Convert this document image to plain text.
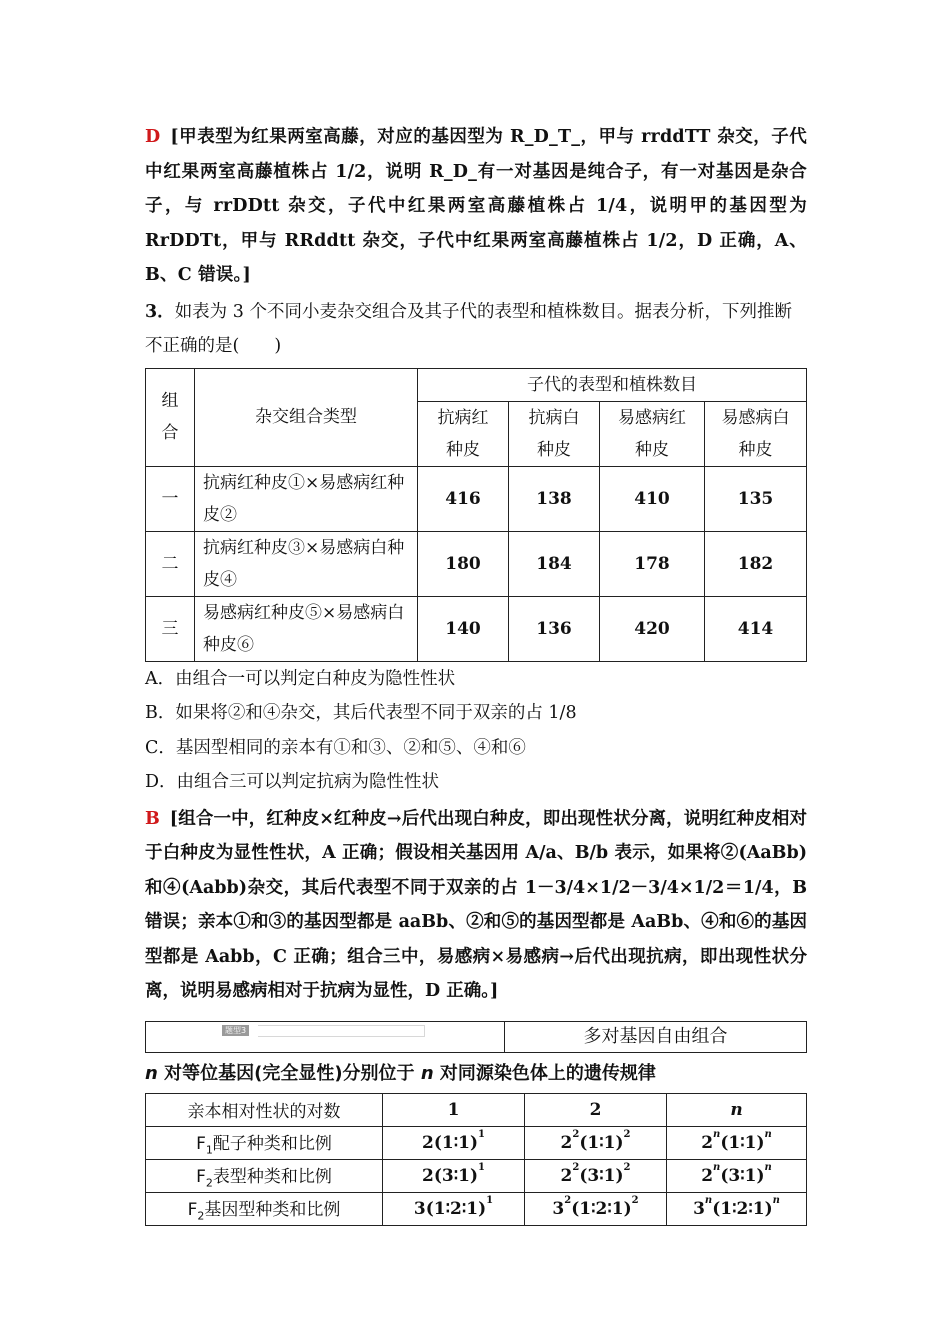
D [甲表型为红果两室高藤，对应的基因型为 R_D_T_，甲与 rrddTT 杂交，子代中红果两室高藤植株占 1/2，说明 R_D_有一对基因是纯合子，有一对基因是杂合子，与 rrDDtt 杂交，子代中红果两室高藤植株占 1/4，说明甲的基因型为 RrDDTt，甲与 RRddtt 杂交，子代中红果两室高藤植株占 1/2，D 正确，A、B、C 错误。]
3．如表为 3 个不同小麦杂交组合及其子代的表型和植株数目。据表分析，下列推断不正确的是(　　)
组合	杂交组合类型	子代的表型和植株数目			
		抗病红种皮	抗病白种皮	易感病红种皮	易感病白种皮
一	抗病红种皮①×易感病红种皮②	416	138	410	135
二	抗病红种皮③×易感病白种皮④	180	184	178	182
三	易感病红种皮⑤×易感病白种皮⑥	140	136	420	414
A．由组合一可以判定白种皮为隐性性状
B．如果将②和④杂交，其后代表型不同于双亲的占 1/8
C．基因型相同的亲本有①和③、②和⑤、④和⑥
D．由组合三可以判定抗病为隐性性状
B [组合一中，红种皮×红种皮→后代出现白种皮，即出现性状分离，说明红种皮相对于白种皮为显性性状，A 正确；假设相关基因用 A/a、B/b 表示，如果将②(AaBb)和④(Aabb)杂交，其后代表型不同于双亲的占 1－3/4×1/2－3/4×1/2＝1/4，B 错误；亲本①和③的基因型都是 aaBb、②和⑤的基因型都是 AaBb、④和⑥的基因型都是 Aabb，C 正确；组合三中，易感病×易感病→后代出现抗病，即出现性状分离，说明易感病相对于抗病为显性，D 正确。]
题型3	多对基因自由组合
n 对等位基因(完全显性)分别位于 n 对同源染色体上的遗传规律
亲本相对性状的对数	1	2	n
$F_1$配子种类和比例	2(1∶1)$^1$	$2^2(1∶1)^2$	2$^n$(1∶1)$^n$
$F_2$表型种类和比例	2(3∶1)$^1$	$2^2(3∶1)^2$	2$^n$(3∶1)$^n$
$F_2$基因型种类和比例	3(1∶2∶1)$^1$	$3^2(1∶2∶1)^2$	3$^n$(1∶2∶1)$^n$
